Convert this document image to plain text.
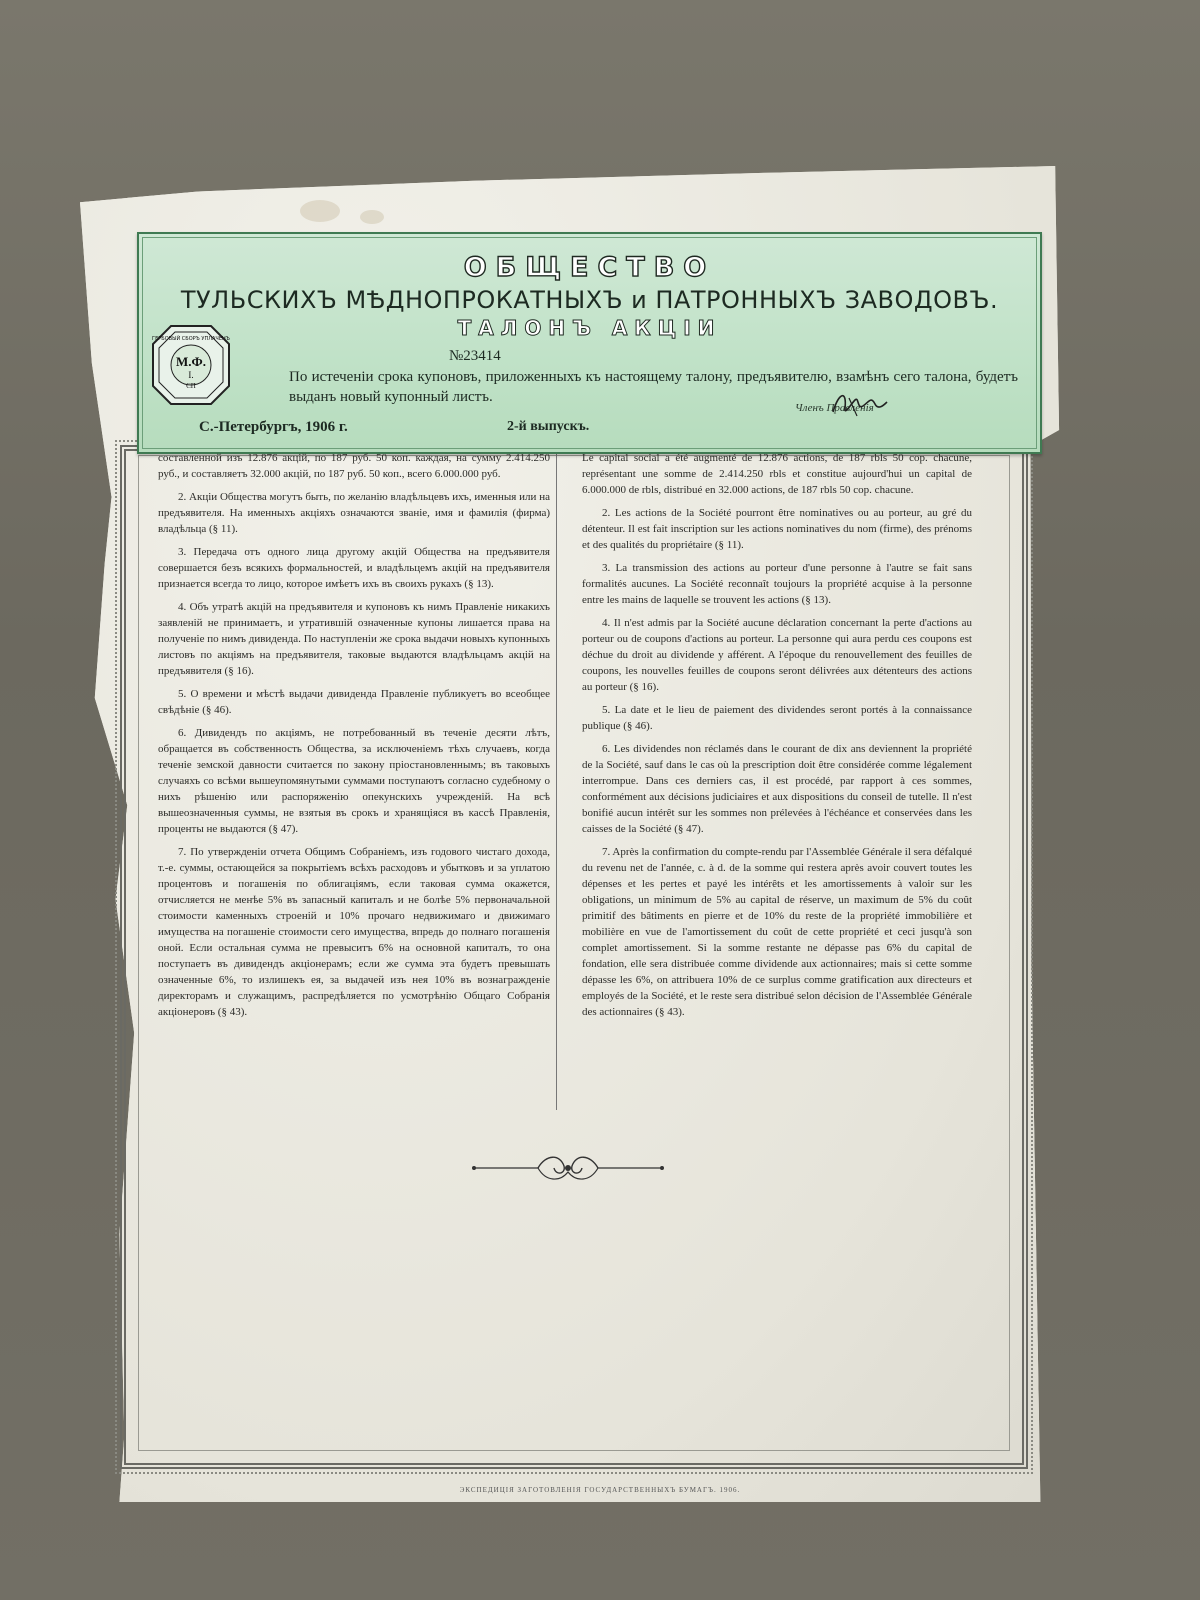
ОБЩЕСТВО
ТУЛЬСКИХЪ МѢДНОПРОКАТНЫХЪ и ПАТРОННЫХЪ ЗАВОДОВЪ.
ТАЛОНЪ АКЦІИ
№23414
По истеченіи срока купоновъ, приложенныхъ къ настоящему талону, предъявителю, взамѣнъ сего талона, будетъ выданъ новый купонный листъ.
С.-Петербургъ, 1906 г.	2-й выпускъ.
Членъ Правленія
М.Ф.
I.
СП
ГЕРБОВЫЙ СБОРЪ УПЛАЧЕНЪ

составленной изъ 12.876 акцій, по 187 руб. 50 коп. каждая, на сумму 2.414.250 руб., и составляетъ 32.000 акцій, по 187 руб. 50 коп., всего 6.000.000 руб.

2. Акціи Общества могутъ быть, по желанію владѣльцевъ ихъ, именныя или на предъявителя. На именныхъ акціяхъ означаются званіе, имя и фамилія (фирма) владѣльца (§ 11).

3. Передача отъ одного лица другому акцій Общества на предъявителя совершается безъ всякихъ формальностей, и владѣльцемъ акцій на предъявителя признается всегда то лицо, которое имѣетъ ихъ въ своихъ рукахъ (§ 13).

4. Объ утратѣ акцій на предъявителя и купоновъ къ нимъ Правленіе никакихъ заявленій не принимаетъ, и утратившій означенные купоны лишается права на полученіе по нимъ дивиденда. По наступленіи же срока выдачи новыхъ купонныхъ листовъ по акціямъ на предъявителя, таковые выдаются владѣльцамъ акцій на предъявителя (§ 16).

5. О времени и мѣстѣ выдачи дивиденда Правленіе публикуетъ во всеобщее свѣдѣніе (§ 46).

6. Дивидендъ по акціямъ, не потребованный въ теченіе десяти лѣтъ, обращается въ собственность Общества, за исключеніемъ тѣхъ случаевъ, когда теченіе земской давности считается по закону пріостановленнымъ; въ таковыхъ случаяхъ со всѣми вышеупомянутыми суммами поступаютъ согласно судебному о нихъ рѣшенію или распоряженію опекунскихъ учрежденій. На всѣ вышеозначенныя суммы, не взятыя въ срокъ и хранящіяся въ кассѣ Правленія, проценты не выдаются (§ 47).

7. По утвержденіи отчета Общимъ Собраніемъ, изъ годового чистаго дохода, т.-е. суммы, остающейся за покрытіемъ всѣхъ расходовъ и убытковъ и за уплатою процентовъ и погашенія по облигаціямъ, если таковая сумма окажется, отчисляется не менѣе 5% въ запасный капиталъ и не болѣе 5% первоначальной стоимости каменныхъ строеній и 10% прочаго недвижимаго и движимаго имущества на погашеніе стоимости сего имущества, впредь до полнаго погашенія оной. Если остальная сумма не превыситъ 6% на основной капиталъ, то она поступаетъ въ дивидендъ акціонерамъ; если же сумма эта будетъ превышать означенные 6%, то излишекъ ея, за выдачей изъ нея 10% въ вознагражденіе директорамъ и служащимъ, распредѣляется по усмотрѣнію Общаго Собранія акціонеровъ (§ 43).

Le capital social a été augmenté de 12.876 actions, de 187 rbls 50 cop. chacune, représentant une somme de 2.414.250 rbls et constitue aujourd'hui un capital de 6.000.000 de rbls, distribué en 32.000 actions, de 187 rbls 50 cop. chacune.

2. Les actions de la Société pourront être nominatives ou au porteur, au gré du détenteur. Il est fait inscription sur les actions nominatives du nom (firme), des prénoms et des qualités du propriétaire (§ 11).

3. La transmission des actions au porteur d'une personne à l'autre se fait sans formalités aucunes. La Société reconnaît toujours la propriété acquise à la personne entre les mains de laquelle se trouvent les actions (§ 13).

4. Il n'est admis par la Société aucune déclaration concernant la perte d'actions au porteur ou de coupons d'actions au porteur. La personne qui aura perdu ces coupons est déchue du droit au dividende y afférent. A l'époque du renouvellement des feuilles de coupons, les nouvelles feuilles de coupons seront délivrées aux détenteurs des actions au porteur (§ 16).

5. La date et le lieu de paiement des dividendes seront portés à la connaissance publique (§ 46).

6. Les dividendes non réclamés dans le courant de dix ans deviennent la propriété de la Société, sauf dans le cas où la prescription doit être considérée comme légalement interrompue. Dans ces derniers cas, il est procédé, par rapport à ces sommes, conformément aux décisions judiciaires et aux dispositions du conseil de tutelle. Il n'est bonifié aucun intérêt sur les sommes non prélevées à l'échéance et conservées dans les caisses de la Société (§ 47).

7. Après la confirmation du compte-rendu par l'Assemblée Générale il sera défalqué du revenu net de l'année, c. à d. de la somme qui restera après avoir couvert toutes les dépenses et les pertes et payé les intérêts et les amortissements à valoir sur les obligations, un minimum de 5% au capital de réserve, un maximum de 5% du coût primitif des bâtiments en pierre et de 10% du reste de la propriété immobilière et mobilière en vue de l'amortissement du coût de cette propriété et ceci jusqu'à son complet amortissement. Si la somme restante ne dépasse pas 6% du capital de fondation, elle sera distribuée comme dividende aux actionnaires; mais si cette somme dépasse les 6%, on attribuera 10% de ce surplus comme gratification aux directeurs et employés de la Société, et le reste sera distribué selon décision de l'Assemblée Générale des actionnaires (§ 43).

ЭКСПЕДИЦІЯ ЗАГОТОВЛЕНІЯ ГОСУДАРСТВЕННЫХЪ БУМАГЪ. 1906.
